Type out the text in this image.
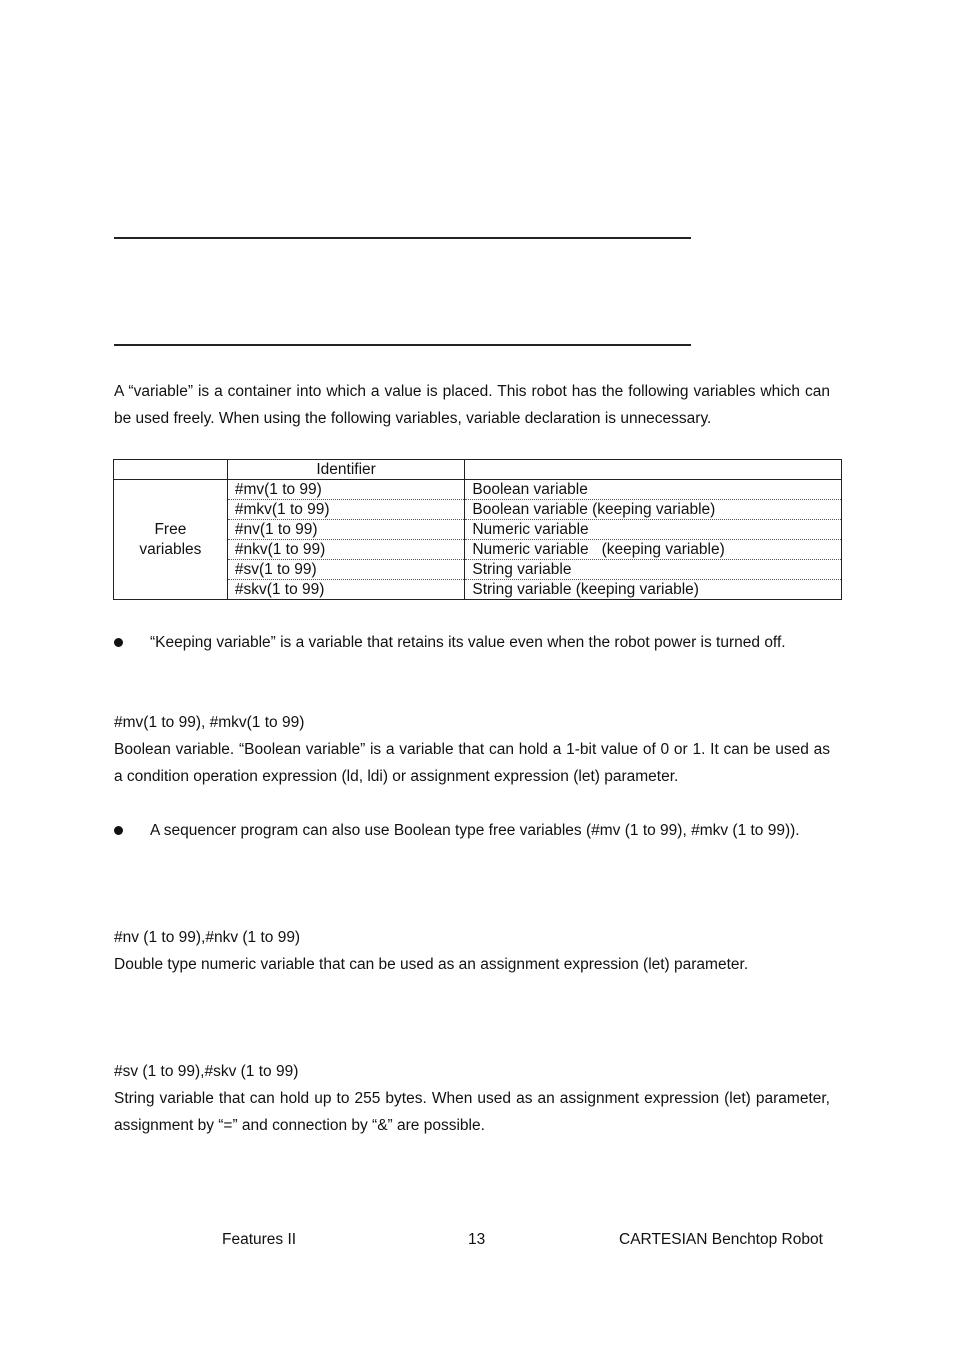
A “variable” is a container into which a value is placed. This robot has the following variables which can be used freely. When using the following variables, variable declaration is unnecessary.

	Identifier	

Free
variables	#mv(1 to 99)	Boolean variable
	#mkv(1 to 99)	Boolean variable (keeping variable)
	#nv(1 to 99)	Numeric variable
	#nkv(1 to 99)	Numeric variable   (keeping variable)
	#sv(1 to 99)	String variable
	#skv(1 to 99)	String variable (keeping variable)
“Keeping variable” is a variable that retains its value even when the robot power is turned off.
#mv(1 to 99), #mkv(1 to 99)

Boolean variable. “Boolean variable” is a variable that can hold a 1-bit value of 0 or 1. It can be used as a condition operation expression (ld, ldi) or assignment expression (let) parameter.

A sequencer program can also use Boolean type free variables (#mv (1 to 99), #mkv (1 to 99)).
#nv (1 to 99),#nkv (1 to 99)

Double type numeric variable that can be used as an assignment expression (let) parameter.

#sv (1 to 99),#skv (1 to 99)

String variable that can hold up to 255 bytes. When used as an assignment expression (let) parameter, assignment by “=” and connection by “&” are possible.

Features II	13	CARTESIAN Benchtop Robot
